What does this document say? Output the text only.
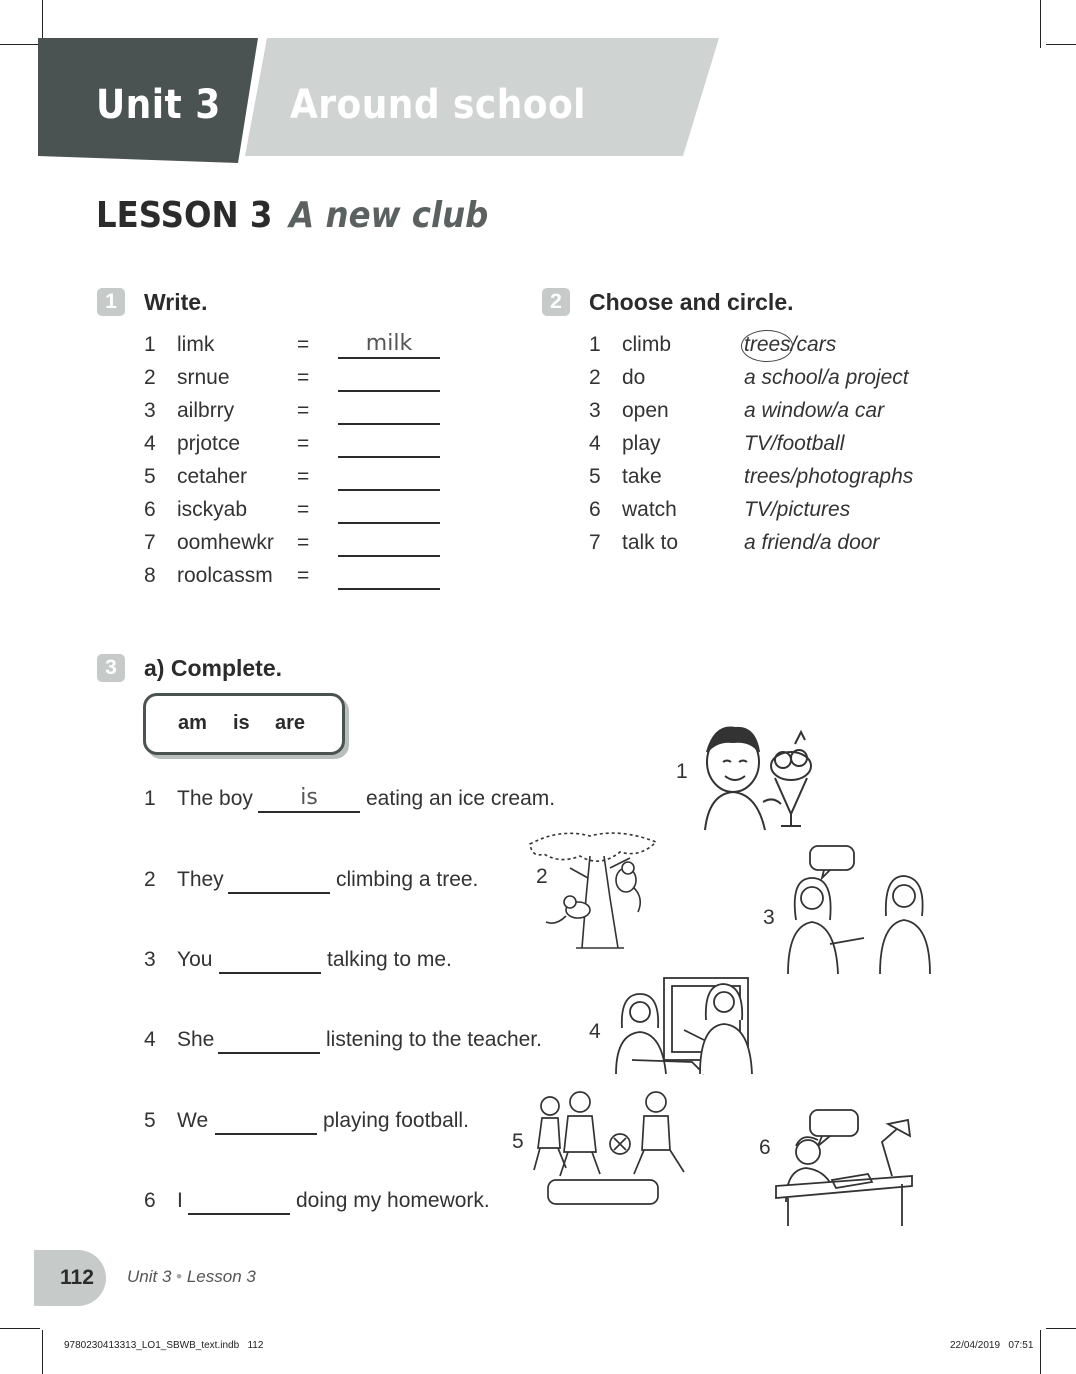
Unit 3 Around school
LESSON 3 A new club
1	Write.
1 limk	=	milk
2 srnue	=
3 ailbrry	=
4 prjotce	=
5 cetaher =
6 isckyab =
7 oomhewkr =
8 roolcassm =
2	Choose and circle.
1 climb	trees/cars
2 do	a school/a project
3 open	a window/a car
4 play	TV/football
5 take	trees/photographs
6 watch	TV/pictures
7 talk to	a friend/a door
3	a) Complete.
am is are
1 The boy	is	eating an ice cream.
2 They	climbing a tree.
3 You	talking to me.
4 She	listening to the teacher.
5 We	playing football.
6 I	doing my homework.
1
2
3
4
5	6
112 Unit 3 • Lesson 3
9780230413313_LO1_SBWB_text.indb   112	22/04/2019   07:51
